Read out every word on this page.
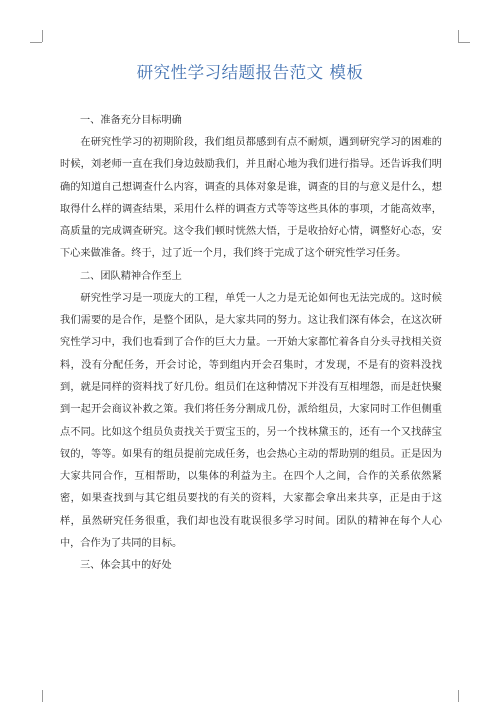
研究性学习结题报告范文 模板

一、准备充分目标明确

在研究性学习的初期阶段，我们组员都感到有点不耐烦，遇到研究学习的困难的时候，刘老师一直在我们身边鼓励我们，并且耐心地为我们进行指导。还告诉我们明确的知道自己想调查什么内容，调查的具体对象是谁，调查的目的与意义是什么，想取得什么样的调查结果，采用什么样的调查方式等等这些具体的事项，才能高效率，高质量的完成调查研究。这令我们顿时恍然大悟，于是收拾好心情，调整好心态，安下心来做准备。终于，过了近一个月，我们终于完成了这个研究性学习任务。

二、团队精神合作至上

研究性学习是一项庞大的工程，单凭一人之力是无论如何也无法完成的。这时候我们需要的是合作，是整个团队，是大家共同的努力。这让我们深有体会，在这次研究性学习中，我们也看到了合作的巨大力量。一开始大家都忙着各自分头寻找相关资料，没有分配任务，开会讨论，等到组内开会召集时，才发现，不是有的资料没找到，就是同样的资料找了好几份。组员们在这种情况下并没有互相埋怨，而是赶快聚到一起开会商议补救之策。我们将任务分割成几份，派给组员，大家同时工作但侧重点不同。比如这个组员负责找关于贾宝玉的，另一个找林黛玉的，还有一个又找薛宝钗的，等等。如果有的组员提前完成任务，也会热心主动的帮助别的组员。正是因为大家共同合作，互相帮助，以集体的利益为主。在四个人之间，合作的关系依然紧密，如果查找到与其它组员要找的有关的资料，大家都会拿出来共享，正是由于这样，虽然研究任务很重，我们却也没有耽误很多学习时间。团队的精神在每个人心中，合作为了共同的目标。

三、体会其中的好处
